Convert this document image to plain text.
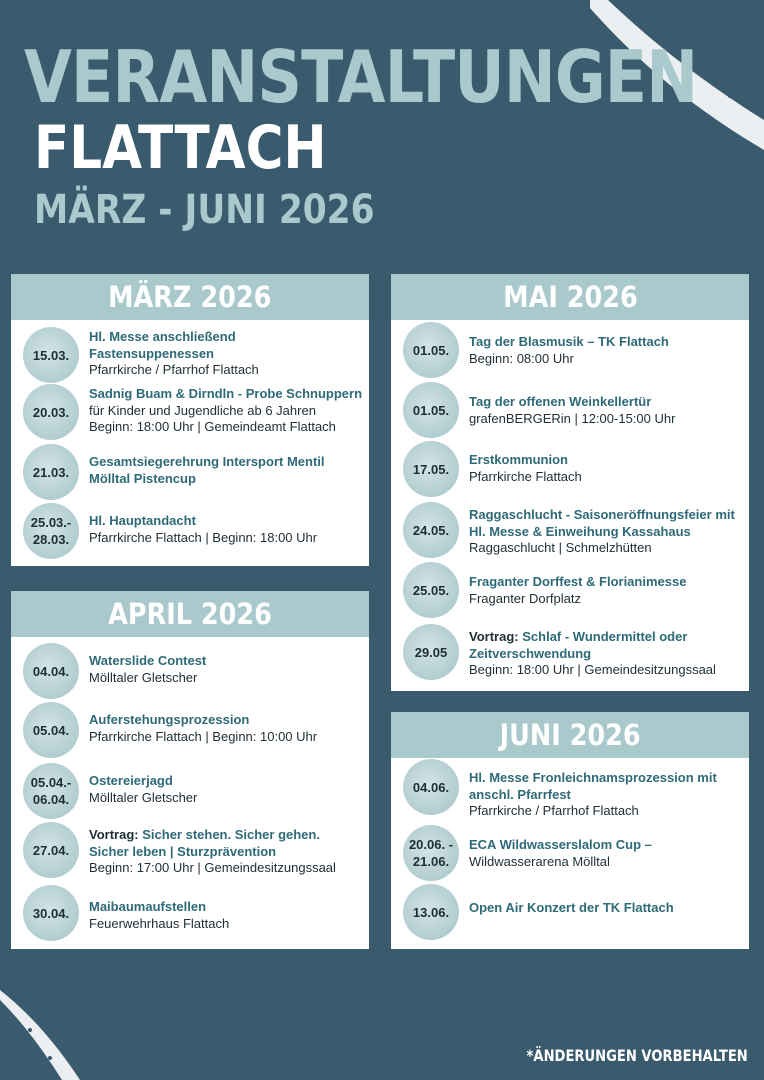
VERANSTALTUNGEN
FLATTACH
MÄRZ - JUNI 2026
MÄRZ 2026
15.03.
Hl. Messe anschließend Fastensuppenessen
Pfarrkirche / Pfarrhof Flattach
20.03.
Sadnig Buam & Dirndln - Probe Schnuppern
für Kinder und Jugendliche ab 6 Jahren
Beginn: 18:00 Uhr | Gemeindeamt Flattach
21.03.
Gesamtsiegerehrung Intersport Mentil Mölltal Pistencup
25.03.- 28.03.
Hl. Hauptandacht
Pfarrkirche Flattach | Beginn: 18:00 Uhr
APRIL 2026
04.04.
Waterslide Contest
Mölltaler Gletscher
05.04.
Auferstehungsprozession
Pfarrkirche Flattach | Beginn: 10:00 Uhr
05.04.- 06.04.
Ostereierjagd
Mölltaler Gletscher
27.04.
Vortrag: Sicher stehen. Sicher gehen. Sicher leben | Sturzprävention
Beginn: 17:00 Uhr | Gemeindesitzungssaal
30.04.	Maibaumaufstellen
Feuerwehrhaus Flattach
MAI 2026
01.05.
Tag der Blasmusik – TK Flattach
Beginn: 08:00 Uhr
01.05.
Tag der offenen Weinkellertür
grafenBERGERin | 12:00-15:00 Uhr
17.05.
Erstkommunion
Pfarrkirche Flattach
24.05.
Raggaschlucht - Saisoneröffnungsfeier mit Hl. Messe & Einweihung Kassahaus
Raggaschlucht | Schmelzhütten
25.05.
Fraganter Dorffest & Florianimesse
Fraganter Dorfplatz
29.05
Vortrag: Schlaf - Wundermittel oder Zeitverschwendung
Beginn: 18:00 Uhr | Gemeindesitzungssaal
JUNI 2026
04.06.
Hl. Messe Fronleichnamsprozession mit anschl. Pfarrfest
Pfarrkirche / Pfarrhof Flattach
20.06. - 21.06.
ECA Wildwasserslalom Cup –
Wildwasserarena Mölltal
13.06.	Open Air Konzert der TK Flattach
*ÄNDERUNGEN VORBEHALTEN
